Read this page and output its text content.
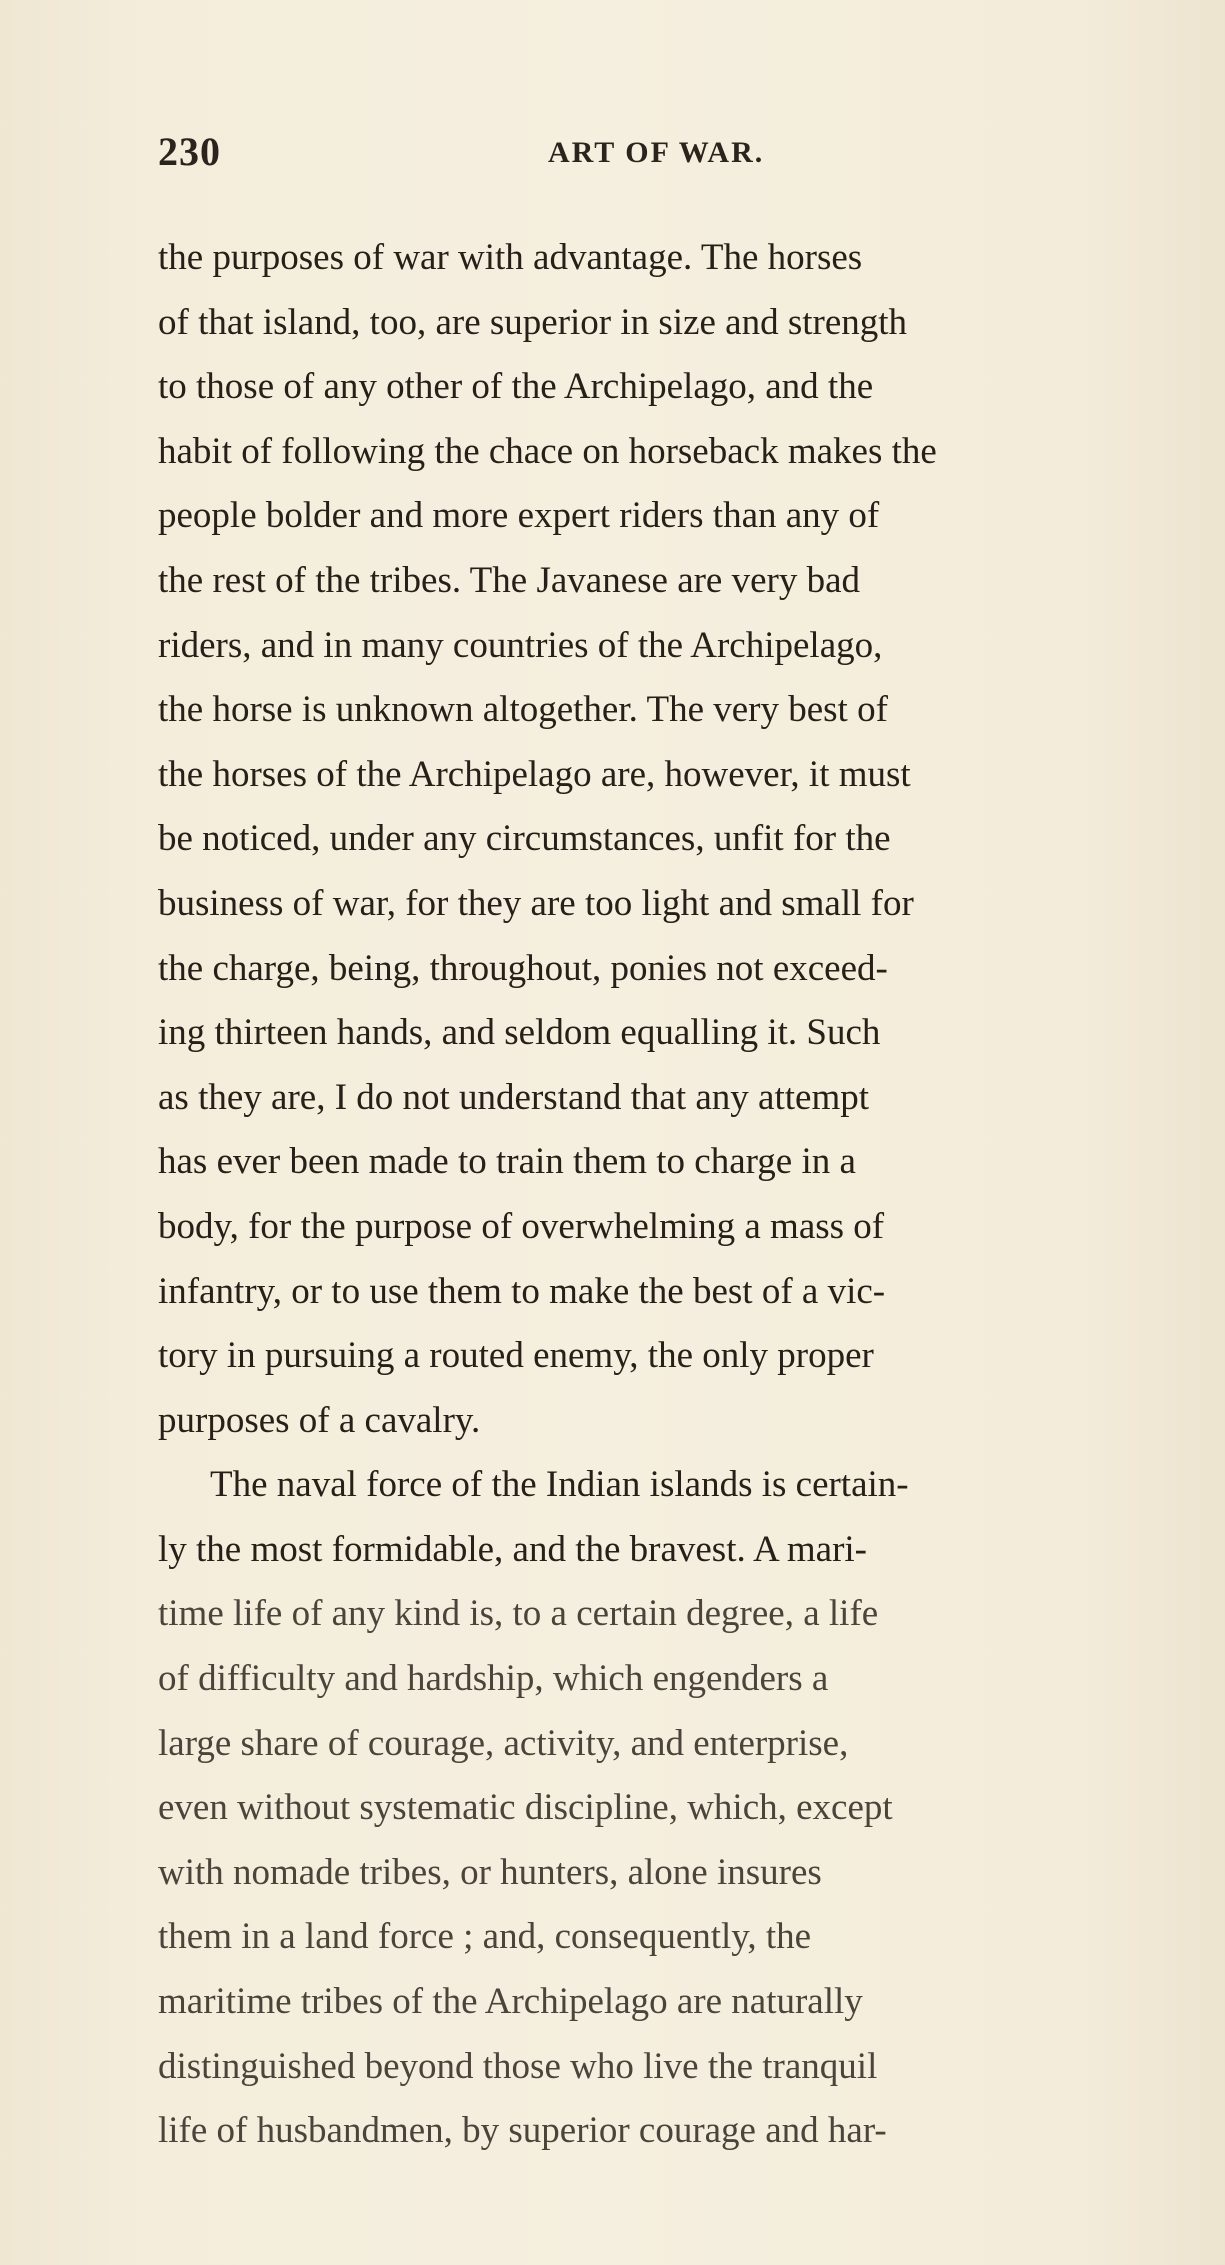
230	ART OF WAR.
the purposes of war with advantage. The horses
of that island, too, are superior in size and strength
to those of any other of the Archipelago, and the
habit of following the chace on horseback makes the
people bolder and more expert riders than any of
the rest of the tribes. The Javanese are very bad
riders, and in many countries of the Archipelago,
the horse is unknown altogether. The very best of
the horses of the Archipelago are, however, it must
be noticed, under any circumstances, unfit for the
business of war, for they are too light and small for
the charge, being, throughout, ponies not exceed-
ing thirteen hands, and seldom equalling it. Such
as they are, I do not understand that any attempt
has ever been made to train them to charge in a
body, for the purpose of overwhelming a mass of
infantry, or to use them to make the best of a vic-
tory in pursuing a routed enemy, the only proper
purposes of a cavalry.
The naval force of the Indian islands is certain-
ly the most formidable, and the bravest. A mari-
time life of any kind is, to a certain degree, a life
of difficulty and hardship, which engenders a
large share of courage, activity, and enterprise,
even without systematic discipline, which, except
with nomade tribes, or hunters, alone insures
them in a land force ; and, consequently, the
maritime tribes of the Archipelago are naturally
distinguished beyond those who live the tranquil
life of husbandmen, by superior courage and har-
